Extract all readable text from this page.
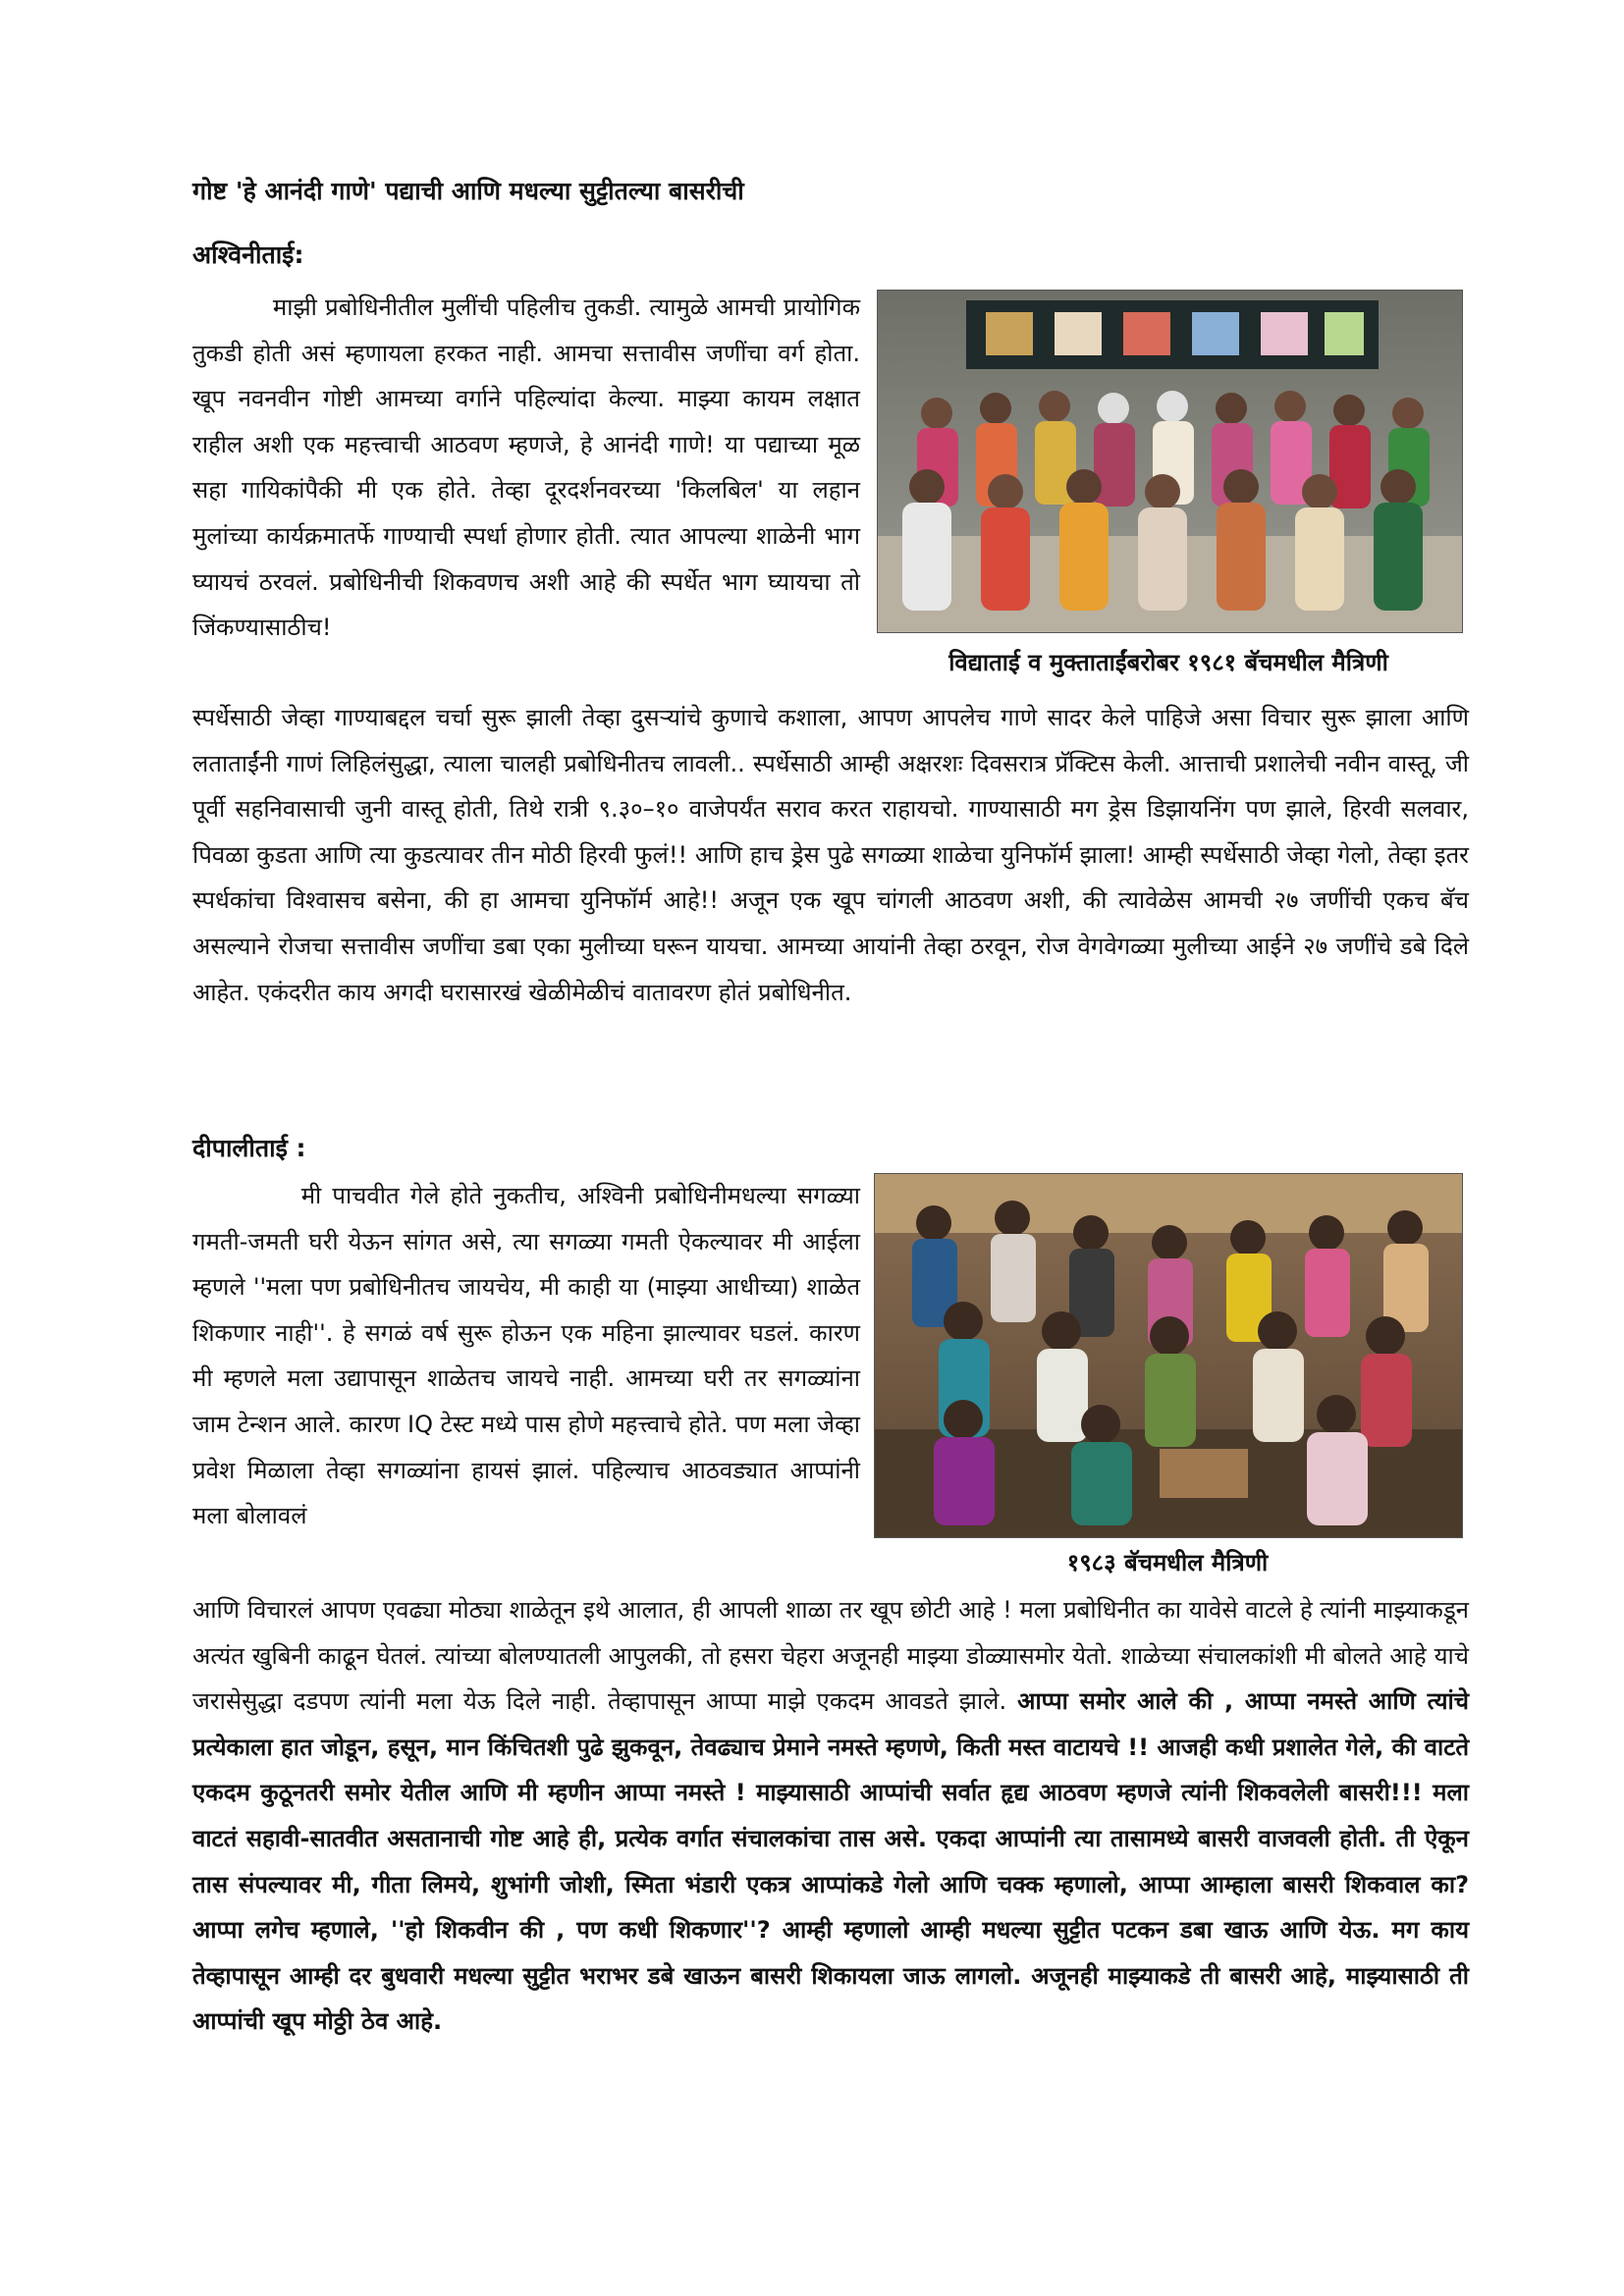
गोष्ट 'हे आनंदी गाणे' पद्याची आणि मधल्या सुट्टीतल्या बासरीची
अश्विनीताई:

माझी प्रबोधिनीतील मुलींची पहिलीच तुकडी. त्यामुळे आमची प्रायोगिक तुकडी होती असं म्हणायला हरकत नाही. आमचा सत्तावीस जणींचा वर्ग होता. खूप नवनवीन गोष्टी आमच्या वर्गाने पहिल्यांदा केल्या. माझ्या कायम लक्षात राहील अशी एक महत्त्वाची आठवण म्हणजे, हे आनंदी गाणे! या पद्याच्या मूळ सहा गायिकांपैकी मी एक होते. तेव्हा दूरदर्शनवरच्या 'किलबिल' या लहान मुलांच्या कार्यक्रमातर्फे गाण्याची स्पर्धा होणार होती. त्यात आपल्या शाळेनी भाग घ्यायचं ठरवलं. प्रबोधिनीची शिकवणच अशी आहे की स्पर्धेत भाग घ्यायचा तो जिंकण्यासाठीच!

विद्याताई व मुक्ताताईंबरोबर १९८१ बॅचमधील मैत्रिणी

स्पर्धेसाठी जेव्हा गाण्याबद्दल चर्चा सुरू झाली तेव्हा दुसऱ्यांचे कुणाचे कशाला, आपण आपलेच गाणे सादर केले पाहिजे असा विचार सुरू झाला आणि लताताईंनी गाणं लिहिलंसुद्धा, त्याला चालही प्रबोधिनीतच लावली.. स्पर्धेसाठी आम्ही अक्षरशः दिवसरात्र प्रॅक्टिस केली. आत्ताची प्रशालेची नवीन वास्तू, जी पूर्वी सहनिवासाची जुनी वास्तू होती, तिथे रात्री ९.३०–१० वाजेपर्यंत सराव करत राहायचो. गाण्यासाठी मग ड्रेस डिझायनिंग पण झाले, हिरवी सलवार, पिवळा कुडता आणि त्या कुडत्यावर तीन मोठी हिरवी फुलं!! आणि हाच ड्रेस पुढे सगळ्या शाळेचा युनिफॉर्म झाला! आम्ही स्पर्धेसाठी जेव्हा गेलो, तेव्हा इतर स्पर्धकांचा विश्वासच बसेना, की हा आमचा युनिफॉर्म आहे!! अजून एक खूप चांगली आठवण अशी, की त्यावेळेस आमची २७ जणींची एकच बॅच असल्याने रोजचा सत्तावीस जणींचा डबा एका मुलीच्या घरून यायचा. आमच्या आयांनी तेव्हा ठरवून, रोज वेगवेगळ्या मुलीच्या आईने २७ जणींचे डबे दिले आहेत. एकंदरीत काय अगदी घरासारखं खेळीमेळीचं वातावरण होतं प्रबोधिनीत.

दीपालीताई :

मी पाचवीत गेले होते नुकतीच, अश्विनी प्रबोधिनीमधल्या सगळ्या गमती-जमती घरी येऊन सांगत असे, त्या सगळ्या गमती ऐकल्यावर मी आईला म्हणले ''मला पण प्रबोधिनीतच जायचेय, मी काही या (माझ्या आधीच्या) शाळेत शिकणार नाही''. हे सगळं वर्ष सुरू होऊन एक महिना झाल्यावर घडलं. कारण मी म्हणले मला उद्यापासून शाळेतच जायचे नाही. आमच्या घरी तर सगळ्यांना जाम टेन्शन आले. कारण IQ टेस्ट मध्ये पास होणे महत्त्वाचे होते. पण मला जेव्हा प्रवेश मिळाला तेव्हा सगळ्यांना हायसं झालं. पहिल्याच आठवड्यात आप्पांनी मला बोलावलं

१९८३ बॅचमधील मैत्रिणी

आणि विचारलं आपण एवढ्या मोठ्या शाळेतून इथे आलात, ही आपली शाळा तर खूप छोटी आहे ! मला प्रबोधिनीत का यावेसे वाटले हे त्यांनी माझ्याकडून अत्यंत खुबिनी काढून घेतलं. त्यांच्या बोलण्यातली आपुलकी, तो हसरा चेहरा अजूनही माझ्या डोळ्यासमोर येतो. शाळेच्या संचालकांशी मी बोलते आहे याचे जरासेसुद्धा दडपण त्यांनी मला येऊ दिले नाही. तेव्हापासून आप्पा माझे एकदम आवडते झाले. आप्पा समोर आले की , आप्पा नमस्ते आणि त्यांचे प्रत्येकाला हात जोडून, हसून, मान किंचितशी पुढे झुकवून, तेवढ्याच प्रेमाने नमस्ते म्हणणे, किती मस्त वाटायचे !! आजही कधी प्रशालेत गेले, की वाटते एकदम कुठूनतरी समोर येतील आणि मी म्हणीन आप्पा नमस्ते ! माझ्यासाठी आप्पांची सर्वात हृद्य आठवण म्हणजे त्यांनी शिकवलेली बासरी!!! मला वाटतं सहावी-सातवीत असतानाची गोष्ट आहे ही, प्रत्येक वर्गात संचालकांचा तास असे. एकदा आप्पांनी त्या तासामध्ये बासरी वाजवली होती. ती ऐकून तास संपल्यावर मी, गीता लिमये, शुभांगी जोशी, स्मिता भंडारी एकत्र आप्पांकडे गेलो आणि चक्क म्हणालो, आप्पा आम्हाला बासरी शिकवाल का? आप्पा लगेच म्हणाले, ''हो शिकवीन की , पण कधी शिकणार''? आम्ही म्हणालो आम्ही मधल्या सुट्टीत पटकन डबा खाऊ आणि येऊ. मग काय तेव्हापासून आम्ही दर बुधवारी मधल्या सुट्टीत भराभर डबे खाऊन बासरी शिकायला जाऊ लागलो. अजूनही माझ्याकडे ती बासरी आहे, माझ्यासाठी ती आप्पांची खूप मोठ्ठी ठेव आहे.
